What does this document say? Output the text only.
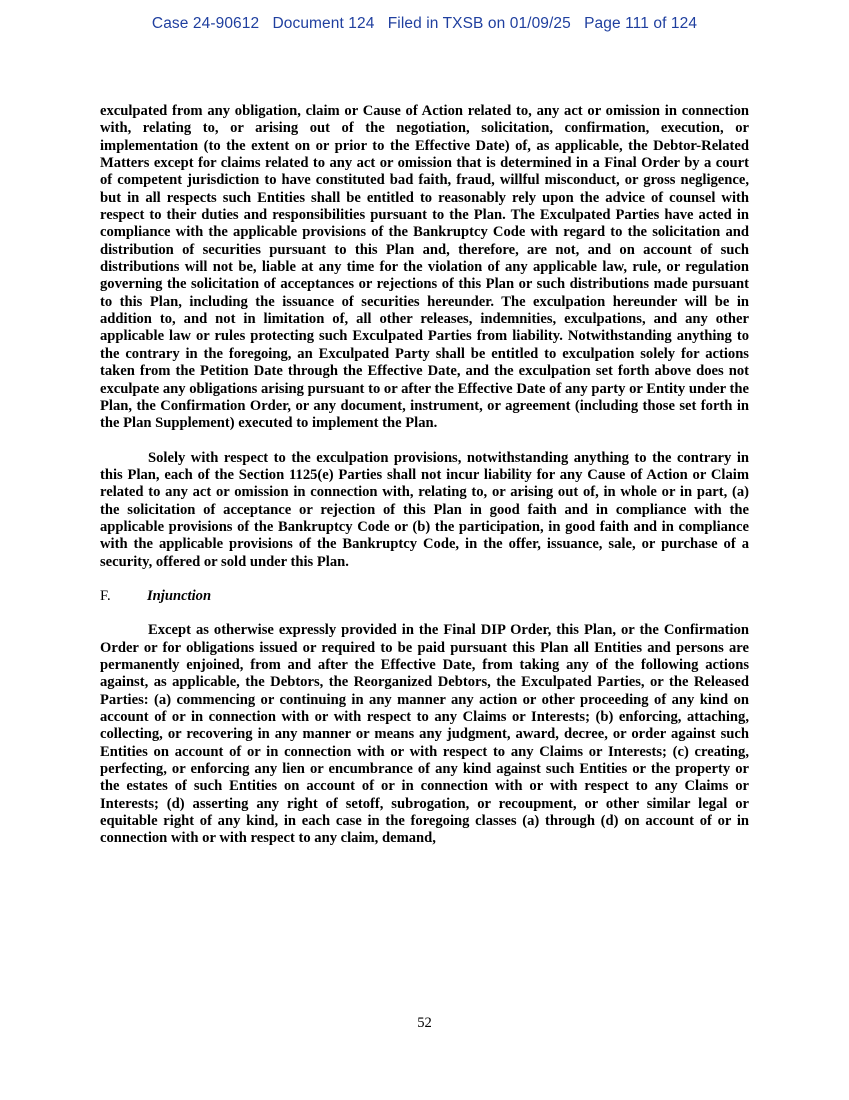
Case 24-90612 Document 124 Filed in TXSB on 01/09/25 Page 111 of 124

exculpated from any obligation, claim or Cause of Action related to, any act or omission in connection with, relating to, or arising out of the negotiation, solicitation, confirmation, execution, or implementation (to the extent on or prior to the Effective Date) of, as applicable, the Debtor-Related Matters except for claims related to any act or omission that is determined in a Final Order by a court of competent jurisdiction to have constituted bad faith, fraud, willful misconduct, or gross negligence, but in all respects such Entities shall be entitled to reasonably rely upon the advice of counsel with respect to their duties and responsibilities pursuant to the Plan. The Exculpated Parties have acted in compliance with the applicable provisions of the Bankruptcy Code with regard to the solicitation and distribution of securities pursuant to this Plan and, therefore, are not, and on account of such distributions will not be, liable at any time for the violation of any applicable law, rule, or regulation governing the solicitation of acceptances or rejections of this Plan or such distributions made pursuant to this Plan, including the issuance of securities hereunder. The exculpation hereunder will be in addition to, and not in limitation of, all other releases, indemnities, exculpations, and any other applicable law or rules protecting such Exculpated Parties from liability. Notwithstanding anything to the contrary in the foregoing, an Exculpated Party shall be entitled to exculpation solely for actions taken from the Petition Date through the Effective Date, and the exculpation set forth above does not exculpate any obligations arising pursuant to or after the Effective Date of any party or Entity under the Plan, the Confirmation Order, or any document, instrument, or agreement (including those set forth in the Plan Supplement) executed to implement the Plan.

Solely with respect to the exculpation provisions, notwithstanding anything to the contrary in this Plan, each of the Section 1125(e) Parties shall not incur liability for any Cause of Action or Claim related to any act or omission in connection with, relating to, or arising out of, in whole or in part, (a) the solicitation of acceptance or rejection of this Plan in good faith and in compliance with the applicable provisions of the Bankruptcy Code or (b) the participation, in good faith and in compliance with the applicable provisions of the Bankruptcy Code, in the offer, issuance, sale, or purchase of a security, offered or sold under this Plan.

F. Injunction

Except as otherwise expressly provided in the Final DIP Order, this Plan, or the Confirmation Order or for obligations issued or required to be paid pursuant this Plan all Entities and persons are permanently enjoined, from and after the Effective Date, from taking any of the following actions against, as applicable, the Debtors, the Reorganized Debtors, the Exculpated Parties, or the Released Parties: (a) commencing or continuing in any manner any action or other proceeding of any kind on account of or in connection with or with respect to any Claims or Interests; (b) enforcing, attaching, collecting, or recovering in any manner or means any judgment, award, decree, or order against such Entities on account of or in connection with or with respect to any Claims or Interests; (c) creating, perfecting, or enforcing any lien or encumbrance of any kind against such Entities or the property or the estates of such Entities on account of or in connection with or with respect to any Claims or Interests; (d) asserting any right of setoff, subrogation, or recoupment, or other similar legal or equitable right of any kind, in each case in the foregoing classes (a) through (d) on account of or in connection with or with respect to any claim, demand,

52
